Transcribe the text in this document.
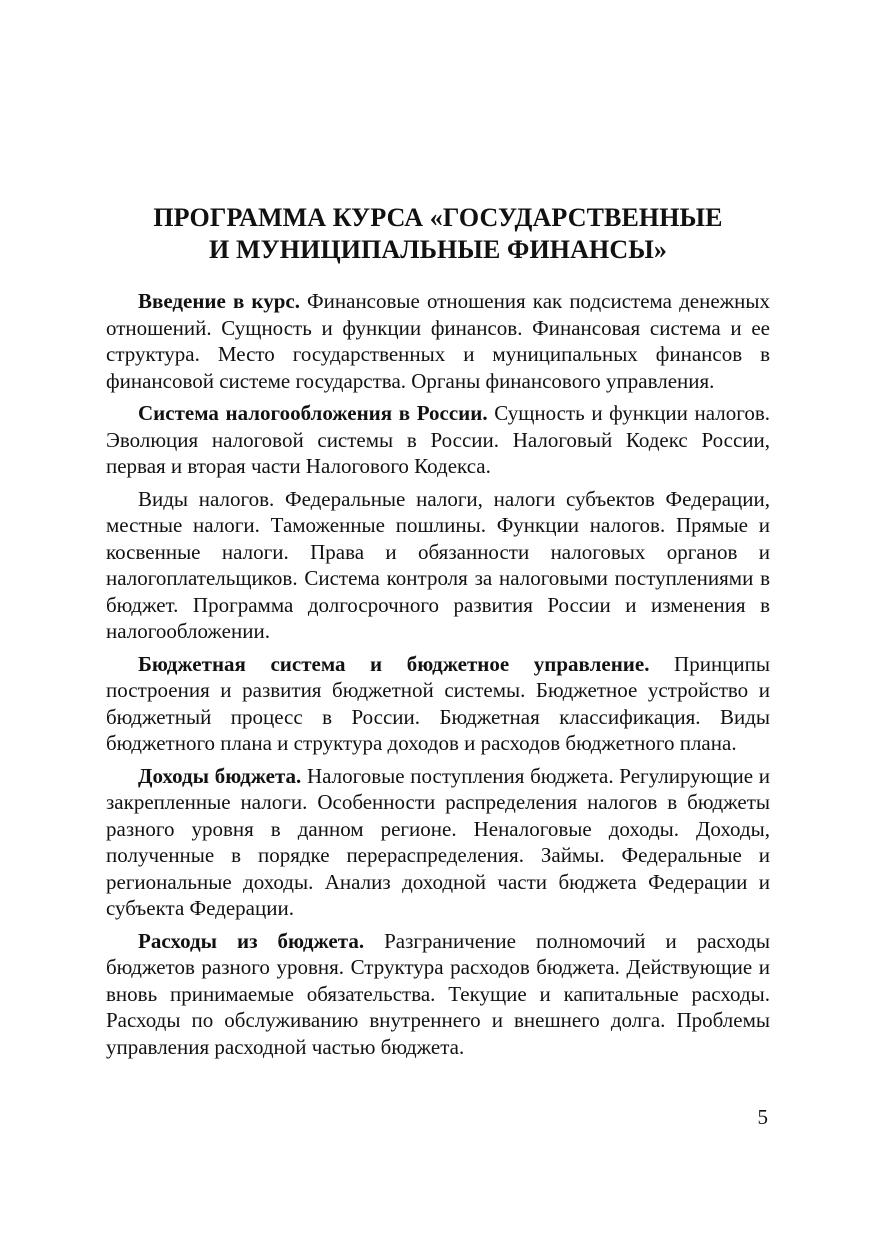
ПРОГРАММА КУРСА «ГОСУДАРСТВЕННЫЕ
И МУНИЦИПАЛЬНЫЕ ФИНАНСЫ»

Введение в курс. Финансовые отношения как подсистема денежных отношений. Сущность и функции финансов. Финансовая система и ее структура. Место государственных и муниципальных финансов в финансовой системе государства. Органы финансового управления.

Система налогообложения в России. Сущность и функции налогов. Эволюция налоговой системы в России. Налоговый Кодекс России, первая и вторая части Налогового Кодекса.

Виды налогов. Федеральные налоги, налоги субъектов Федерации, местные налоги. Таможенные пошлины. Функции налогов. Прямые и косвенные налоги. Права и обязанности налоговых органов и налогоплательщиков. Система контроля за налоговыми поступлениями в бюджет. Программа долгосрочного развития России и изменения в налогообложении.

Бюджетная система и бюджетное управление. Принципы построения и развития бюджетной системы. Бюджетное устройство и бюджетный процесс в России. Бюджетная классификация. Виды бюджетного плана и структура доходов и расходов бюджетного плана.

Доходы бюджета. Налоговые поступления бюджета. Регулирующие и закрепленные налоги. Особенности распределения налогов в бюджеты разного уровня в данном регионе. Неналоговые доходы. Доходы, полученные в порядке перераспределения. Займы. Федеральные и региональные доходы. Анализ доходной части бюджета Федерации и субъекта Федерации.

Расходы из бюджета. Разграничение полномочий и расходы бюджетов разного уровня. Структура расходов бюджета. Действующие и вновь принимаемые обязательства. Текущие и капитальные расходы. Расходы по обслуживанию внутреннего и внешнего долга. Проблемы управления расходной частью бюджета.

5
